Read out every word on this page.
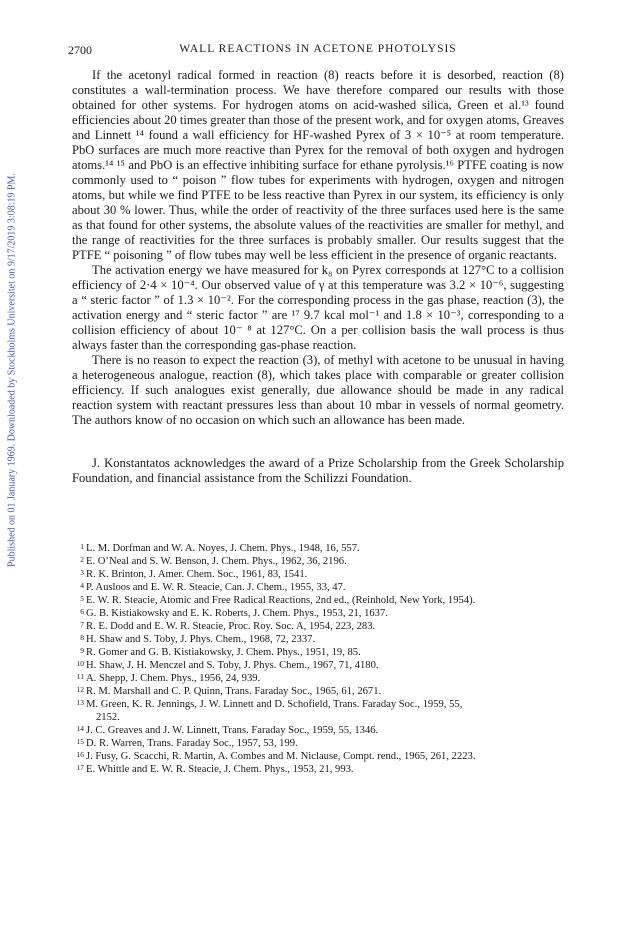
Published on 01 January 1969. Downloaded by Stockholms Universitet on 9/17/2019 3:08:19 PM.
2700	WALL REACTIONS IN ACETONE PHOTOLYSIS

If the acetonyl radical formed in reaction (8) reacts before it is desorbed, reaction (8) constitutes a wall-termination process. We have therefore compared our results with those obtained for other systems. For hydrogen atoms on acid-washed silica, Green et al.¹³ found efficiencies about 20 times greater than those of the present work, and for oxygen atoms, Greaves and Linnett ¹⁴ found a wall efficiency for HF-washed Pyrex of 3 × 10⁻⁵ at room temperature. PbO surfaces are much more reactive than Pyrex for the removal of both oxygen and hydrogen atoms.¹⁴ ¹⁵ and PbO is an effective inhibiting surface for ethane pyrolysis.¹⁶ PTFE coating is now commonly used to “ poison ” flow tubes for experiments with hydrogen, oxygen and nitrogen atoms, but while we find PTFE to be less reactive than Pyrex in our system, its efficiency is only about 30 % lower. Thus, while the order of reactivity of the three surfaces used here is the same as that found for other systems, the absolute values of the reactivities are smaller for methyl, and the range of reactivities for the three surfaces is probably smaller. Our results suggest that the PTFE “ poisoning ” of flow tubes may well be less efficient in the presence of organic reactants.

The activation energy we have measured for k₈ on Pyrex corresponds at 127°C to a collision efficiency of 2·4 × 10⁻⁴. Our observed value of γ at this temperature was 3.2 × 10⁻⁶, suggesting a “ steric factor ” of 1.3 × 10⁻². For the corresponding process in the gas phase, reaction (3), the activation energy and “ steric factor ” are ¹⁷ 9.7 kcal mol⁻¹ and 1.8 × 10⁻³, corresponding to a collision efficiency of about 10⁻ ⁸ at 127°C. On a per collision basis the wall process is thus always faster than the corresponding gas-phase reaction.

There is no reason to expect the reaction (3), of methyl with acetone to be unusual in having a heterogeneous analogue, reaction (8), which takes place with comparable or greater collision efficiency. If such analogues exist generally, due allowance should be made in any radical reaction system with reactant pressures less than about 10 mbar in vessels of normal geometry. The authors know of no occasion on which such an allowance has been made.

J. Konstantatos acknowledges the award of a Prize Scholarship from the Greek Scholarship Foundation, and financial assistance from the Schilizzi Foundation.

1 L. M. Dorfman and W. A. Noyes, J. Chem. Phys., 1948, 16, 557.
2 E. O’Neal and S. W. Benson, J. Chem. Phys., 1962, 36, 2196.
3 R. K. Brinton, J. Amer. Chem. Soc., 1961, 83, 1541.
4 P. Ausloos and E. W. R. Steacie, Can. J. Chem., 1955, 33, 47.
5 E. W. R. Steacie, Atomic and Free Radical Reactions, 2nd ed., (Reinhold, New York, 1954).
6 G. B. Kistiakowsky and E. K. Roberts, J. Chem. Phys., 1953, 21, 1637.
7 R. E. Dodd and E. W. R. Steacie, Proc. Roy. Soc. A, 1954, 223, 283.
8 H. Shaw and S. Toby, J. Phys. Chem., 1968, 72, 2337.
9 R. Gomer and G. B. Kistiakowsky, J. Chem. Phys., 1951, 19, 85.
10 H. Shaw, J. H. Menczel and S. Toby, J. Phys. Chem., 1967, 71, 4180.
11 A. Shepp, J. Chem. Phys., 1956, 24, 939.
12 R. M. Marshall and C. P. Quinn, Trans. Faraday Soc., 1965, 61, 2671.
13 M. Green, K. R. Jennings, J. W. Linnett and D. Schofield, Trans. Faraday Soc., 1959, 55,
2152.
14 J. C. Greaves and J. W. Linnett, Trans. Faraday Soc., 1959, 55, 1346.
15 D. R. Warren, Trans. Faraday Soc., 1957, 53, 199.
16 J. Fusy, G. Scacchi, R. Martin, A. Combes and M. Niclause, Compt. rend., 1965, 261, 2223.
17 E. Whittle and E. W. R. Steacie, J. Chem. Phys., 1953, 21, 993.
